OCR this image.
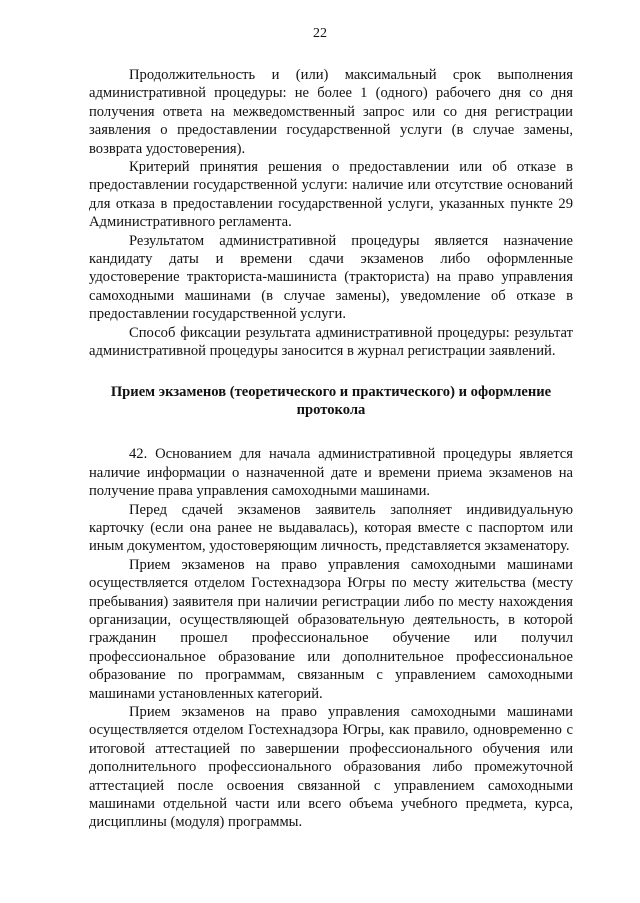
22

Продолжительность и (или) максимальный срок выполнения административной процедуры: не более 1 (одного) рабочего дня со дня получения ответа на межведомственный запрос или со дня регистрации заявления о предоставлении государственной услуги (в случае замены, возврата удостоверения).

Критерий принятия решения о предоставлении или об отказе в предоставлении государственной услуги: наличие или отсутствие оснований для отказа в предоставлении государственной услуги, указанных пункте 29 Административного регламента.

Результатом административной процедуры является назначение кандидату даты и времени сдачи экзаменов либо оформленные удостоверение тракториста-машиниста (тракториста) на право управления самоходными машинами (в случае замены), уведомление об отказе в предоставлении государственной услуги.

Способ фиксации результата административной процедуры: результат административной процедуры заносится в журнал регистрации заявлений.

Прием экзаменов (теоретического и практического) и оформление протокола

42. Основанием для начала административной процедуры является наличие информации о назначенной дате и времени приема экзаменов на получение права управления самоходными машинами.

Перед сдачей экзаменов заявитель заполняет индивидуальную карточку (если она ранее не выдавалась), которая вместе с паспортом или иным документом, удостоверяющим личность, представляется экзаменатору.

Прием экзаменов на право управления самоходными машинами осуществляется отделом Гостехнадзора Югры по месту жительства (месту пребывания) заявителя при наличии регистрации либо по месту нахождения организации, осуществляющей образовательную деятельность, в которой гражданин прошел профессиональное обучение или получил профессиональное образование или дополнительное профессиональное образование по программам, связанным с управлением самоходными машинами установленных категорий.

Прием экзаменов на право управления самоходными машинами осуществляется отделом Гостехнадзора Югры, как правило, одновременно с итоговой аттестацией по завершении профессионального обучения или дополнительного профессионального образования либо промежуточной аттестацией после освоения связанной с управлением самоходными машинами отдельной части или всего объема учебного предмета, курса, дисциплины (модуля) программы.
